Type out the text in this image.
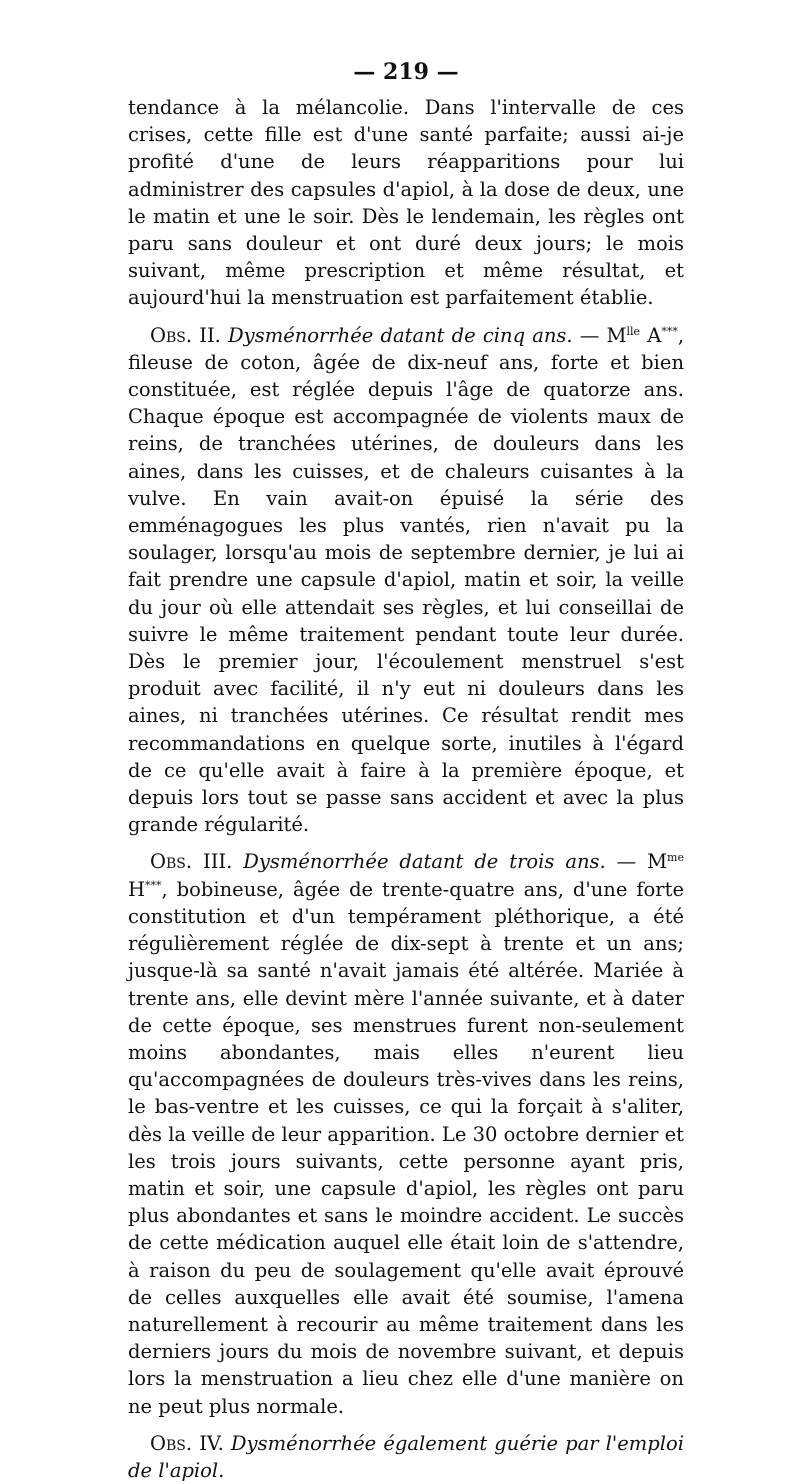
— 219 —

tendance à la mélancolie. Dans l'intervalle de ces crises, cette fille est d'une santé parfaite; aussi ai-je profité d'une de leurs réapparitions pour lui administrer des capsules d'apiol, à la dose de deux, une le matin et une le soir. Dès le lendemain, les règles ont paru sans douleur et ont duré deux jours; le mois suivant, même prescription et même résultat, et aujourd'hui la menstruation est parfaitement établie.

Obs. II. Dysménorrhée datant de cinq ans. — $M^{lle}$ A***, fileuse de coton, âgée de dix-neuf ans, forte et bien constituée, est réglée depuis l'âge de quatorze ans. Chaque époque est accompagnée de violents maux de reins, de tranchées utérines, de douleurs dans les aines, dans les cuisses, et de chaleurs cuisantes à la vulve. En vain avait-on épuisé la série des emménagogues les plus vantés, rien n'avait pu la soulager, lorsqu'au mois de septembre dernier, je lui ai fait prendre une capsule d'apiol, matin et soir, la veille du jour où elle attendait ses règles, et lui conseillai de suivre le même traitement pendant toute leur durée. Dès le premier jour, l'écoulement menstruel s'est produit avec facilité, il n'y eut ni douleurs dans les aines, ni tranchées utérines. Ce résultat rendit mes recommandations en quelque sorte, inutiles à l'égard de ce qu'elle avait à faire à la première époque, et depuis lors tout se passe sans accident et avec la plus grande régularité.

Obs. III. Dysménorrhée datant de trois ans. — $M^{me}$ H***, bobineuse, âgée de trente-quatre ans, d'une forte constitution et d'un tempérament pléthorique, a été régulièrement réglée de dix-sept à trente et un ans; jusque-là sa santé n'avait jamais été altérée. Mariée à trente ans, elle devint mère l'année suivante, et à dater de cette époque, ses menstrues furent non-seulement moins abondantes, mais elles n'eurent lieu qu'accompagnées de douleurs très-vives dans les reins, le bas-ventre et les cuisses, ce qui la forçait à s'aliter, dès la veille de leur apparition. Le 30 octobre dernier et les trois jours suivants, cette personne ayant pris, matin et soir, une capsule d'apiol, les règles ont paru plus abondantes et sans le moindre accident. Le succès de cette médication auquel elle était loin de s'attendre, à raison du peu de soulagement qu'elle avait éprouvé de celles auxquelles elle avait été soumise, l'amena naturellement à recourir au même traitement dans les derniers jours du mois de novembre suivant, et depuis lors la menstruation a lieu chez elle d'une manière on ne peut plus normale.

Obs. IV. Dysménorrhée également guérie par l'emploi de l'apiol.
